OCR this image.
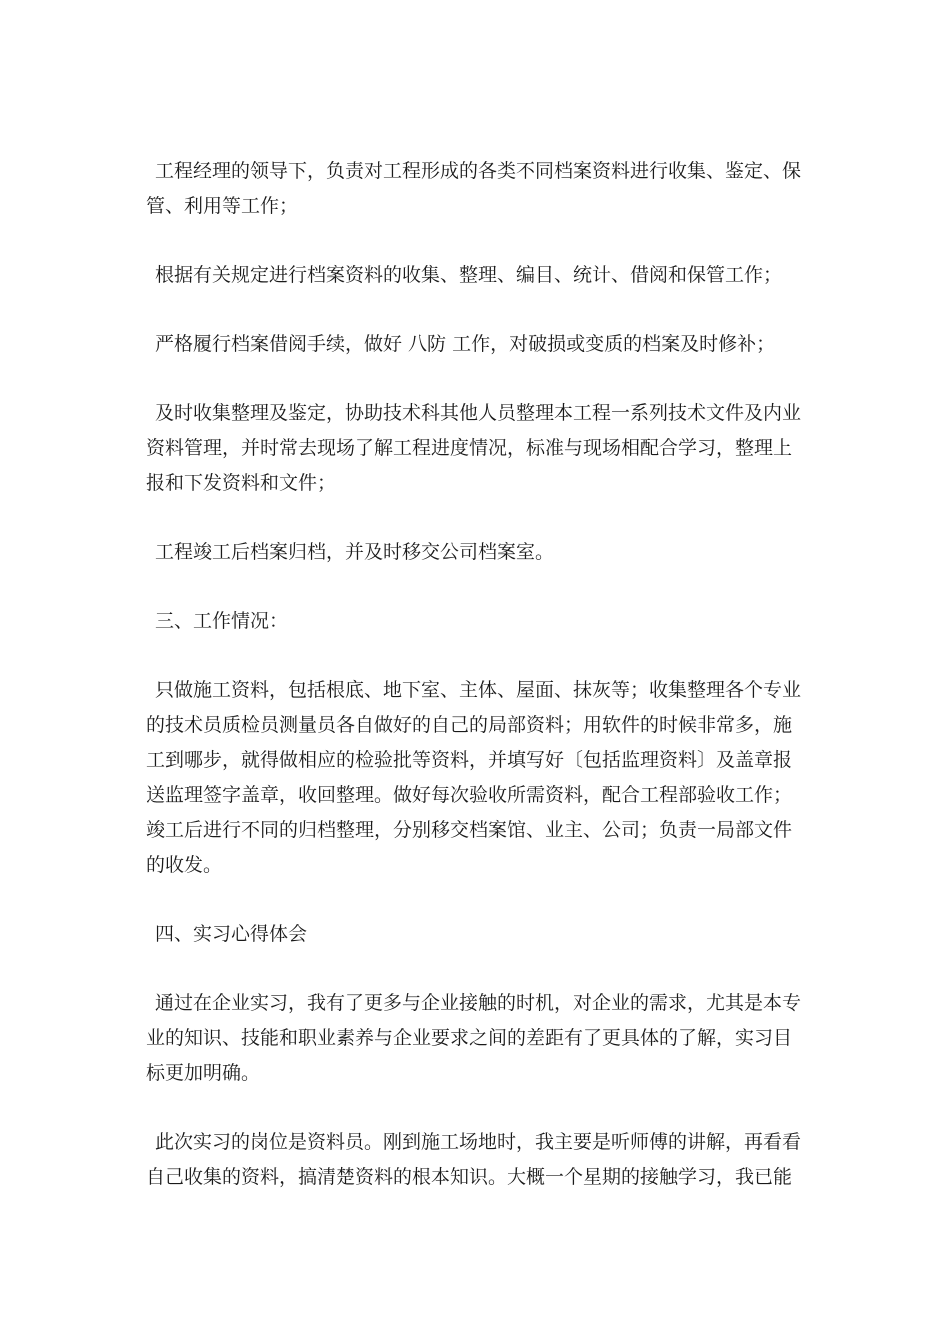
工程经理的领导下，负责对工程形成的各类不同档案资料进行收集、鉴定、保管、利用等工作；

根据有关规定进行档案资料的收集、整理、编目、统计、借阅和保管工作；

严格履行档案借阅手续，做好 八防 工作，对破损或变质的档案及时修补；

及时收集整理及鉴定，协助技术科其他人员整理本工程一系列技术文件及内业资料管理，并时常去现场了解工程进度情况，标准与现场相配合学习，整理上报和下发资料和文件；

工程竣工后档案归档，并及时移交公司档案室。

三、工作情况：

只做施工资料，包括根底、地下室、主体、屋面、抹灰等；收集整理各个专业的技术员质检员测量员各自做好的自己的局部资料；用软件的时候非常多，施工到哪步，就得做相应的检验批等资料，并填写好〔包括监理资料〕及盖章报送监理签字盖章，收回整理。做好每次验收所需资料，配合工程部验收工作；竣工后进行不同的归档整理，分别移交档案馆、业主、公司；负责一局部文件的收发。

四、实习心得体会

通过在企业实习，我有了更多与企业接触的时机，对企业的需求，尤其是本专业的知识、技能和职业素养与企业要求之间的差距有了更具体的了解，实习目标更加明确。

此次实习的岗位是资料员。刚到施工场地时，我主要是听师傅的讲解，再看看自己收集的资料，搞清楚资料的根本知识。大概一个星期的接触学习，我已能
